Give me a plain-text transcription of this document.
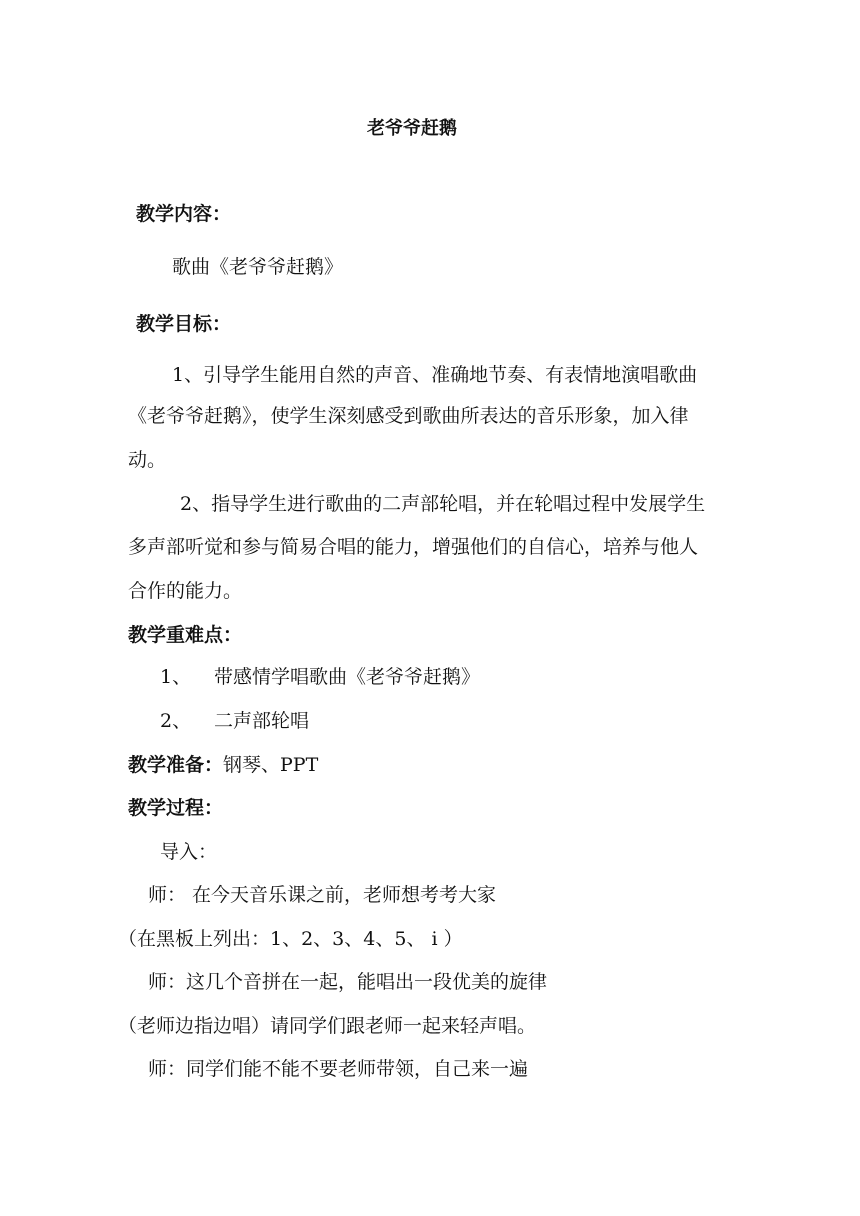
老爷爷赶鹅
教学内容：
歌曲《老爷爷赶鹅》
教学目标：
1、引导学生能用自然的声音、准确地节奏、有表情地演唱歌曲
《老爷爷赶鹅》，使学生深刻感受到歌曲所表达的音乐形象，加入律
动。
2、指导学生进行歌曲的二声部轮唱，并在轮唱过程中发展学生
多声部听觉和参与简易合唱的能力，增强他们的自信心，培养与他人
合作的能力。
教学重难点：
1、 带感情学唱歌曲《老爷爷赶鹅》
2、 二声部轮唱
教学准备：钢琴、PPT
教学过程：
导入：
师： 在今天音乐课之前，老师想考考大家
（在黑板上列出：1、2、3、4、5、 i ）
师：这几个音拼在一起，能唱出一段优美的旋律
（老师边指边唱）请同学们跟老师一起来轻声唱。
师：同学们能不能不要老师带领，自己来一遍
